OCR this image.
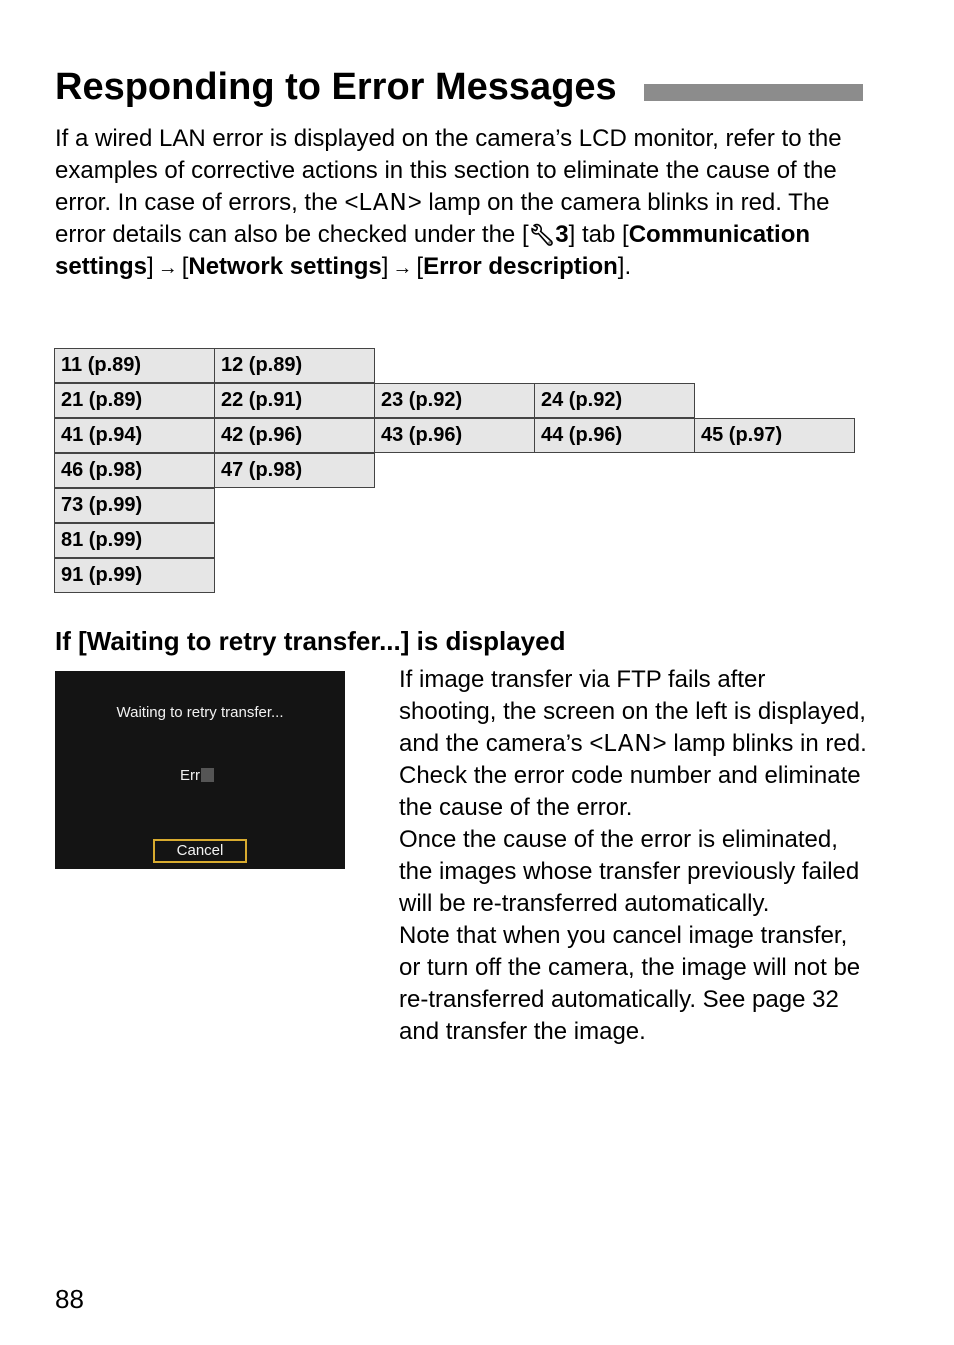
Responding to Error Messages

If a wired LAN error is displayed on the camera’s LCD monitor, refer to the examples of corrective actions in this section to eliminate the cause of the error. In case of errors, the <LAN> lamp on the camera blinks in red. The error details can also be checked under the [🔧︎3] tab [Communication settings] → [Network settings] → [Error description].

11 (p.89)	12 (p.89)
21 (p.89)	22 (p.91)	23 (p.92)	24 (p.92)
41 (p.94)	42 (p.96)	43 (p.96)	44 (p.96)	45 (p.97)
46 (p.98)	47 (p.98)
73 (p.99)
81 (p.99)
91 (p.99)
If [Waiting to retry transfer...] is displayed
Waiting to retry transfer...
Err
Cancel

If image transfer via FTP fails after shooting, the screen on the left is displayed, and the camera’s <LAN> lamp blinks in red. Check the error code number and eliminate the cause of the error.

Once the cause of the error is eliminated, the images whose transfer previously failed will be re-transferred automatically.

Note that when you cancel image transfer, or turn off the camera, the image will not be re-transferred automatically. See page 32 and transfer the image.

88
